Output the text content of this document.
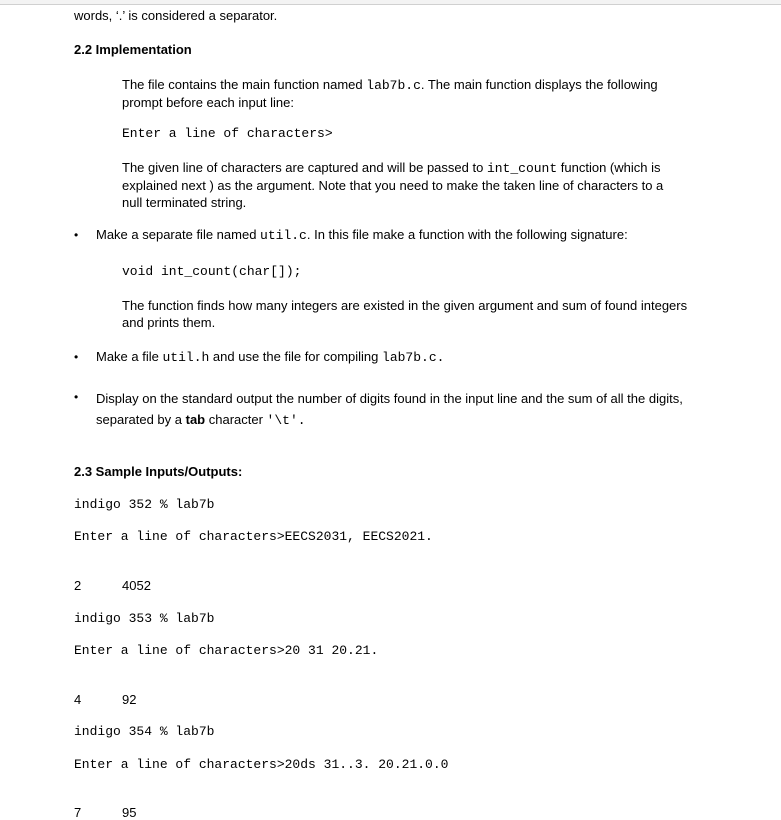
words, ‘.’ is considered a separator.
2.2 Implementation
The file contains the main function named lab7b.c. The main function displays the following prompt before each input line:
Enter a line of characters>
The given line of characters are captured and will be passed to int_count function (which is explained next ) as the argument. Note that you need to make the taken line of characters to a null terminated string.
• Make a separate file named util.c. In this file make a function with the following signature:
void int_count(char[]);
The function finds how many integers are existed in the given argument and sum of found integers and prints them.
• Make a file util.h and use the file for compiling lab7b.c.
• Display on the standard output the number of digits found in the input line and the sum of all the digits, separated by a tab character '\t'.
2.3 Sample Inputs/Outputs:
indigo 352 % lab7b
Enter a line of characters>EECS2031, EECS2021.
2	4052
indigo 353 % lab7b
Enter a line of characters>20 31 20.21.
4	92
indigo 354 % lab7b
Enter a line of characters>20ds 31..3. 20.21.0.0
7	95
